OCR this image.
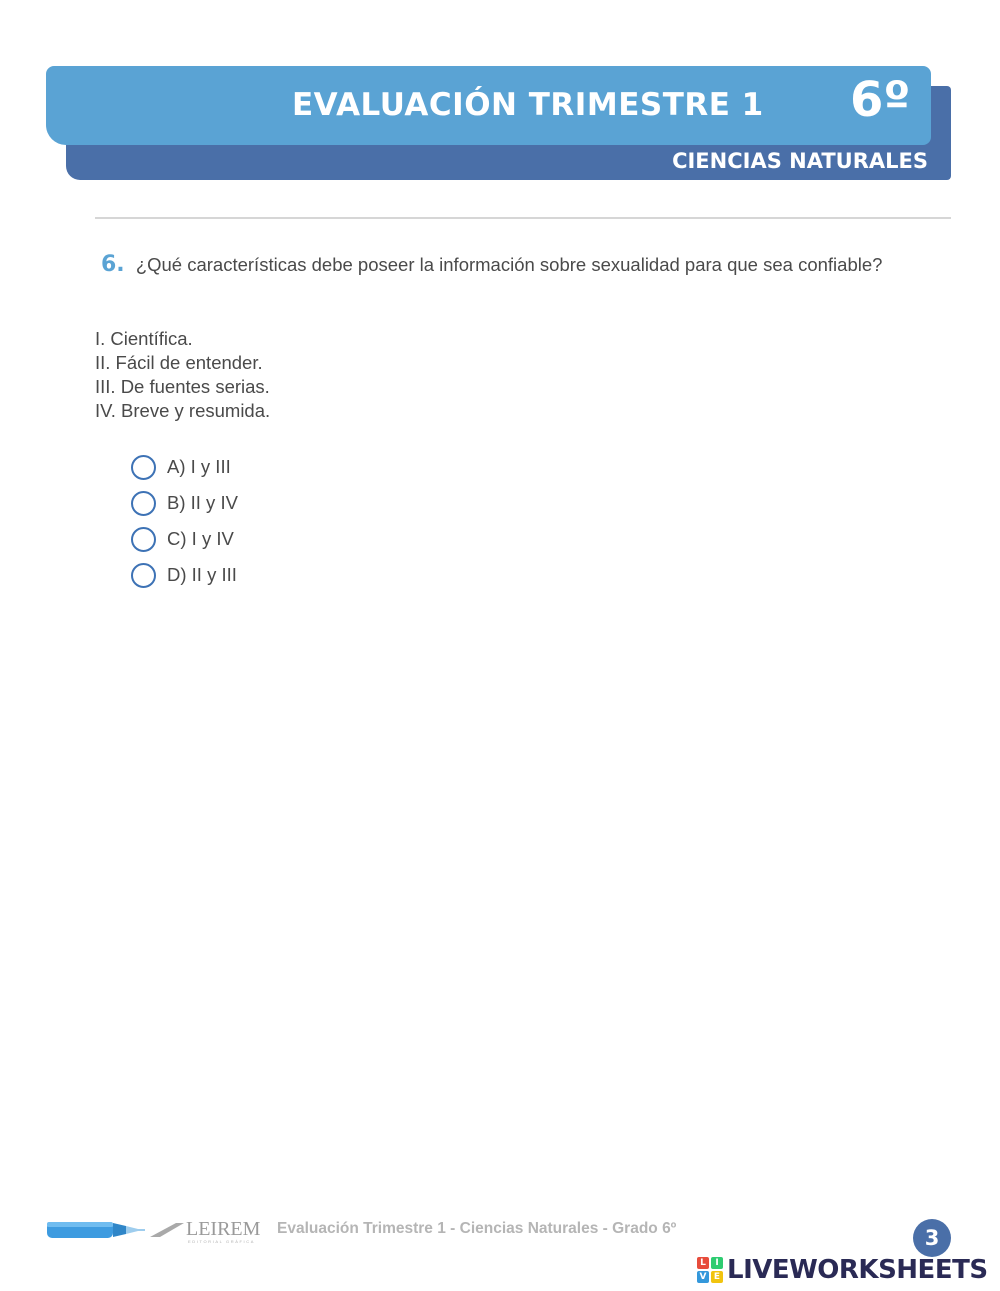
EVALUACIÓN TRIMESTRE 1 6º
CIENCIAS NATURALES
6. ¿Qué características debe poseer la información sobre sexualidad para que sea confiable?
I. Científica.
II. Fácil de entender.
III. De fuentes serias.
IV. Breve y resumida.
A) I y III
B) II y IV
C) I y IV
D) II y III
LEIREM
EDITORIAL GRÁFICA
Evaluación Trimestre 1 - Ciencias Naturales - Grado 6º	3
L	I
V E LIVEWORKSHEETS
